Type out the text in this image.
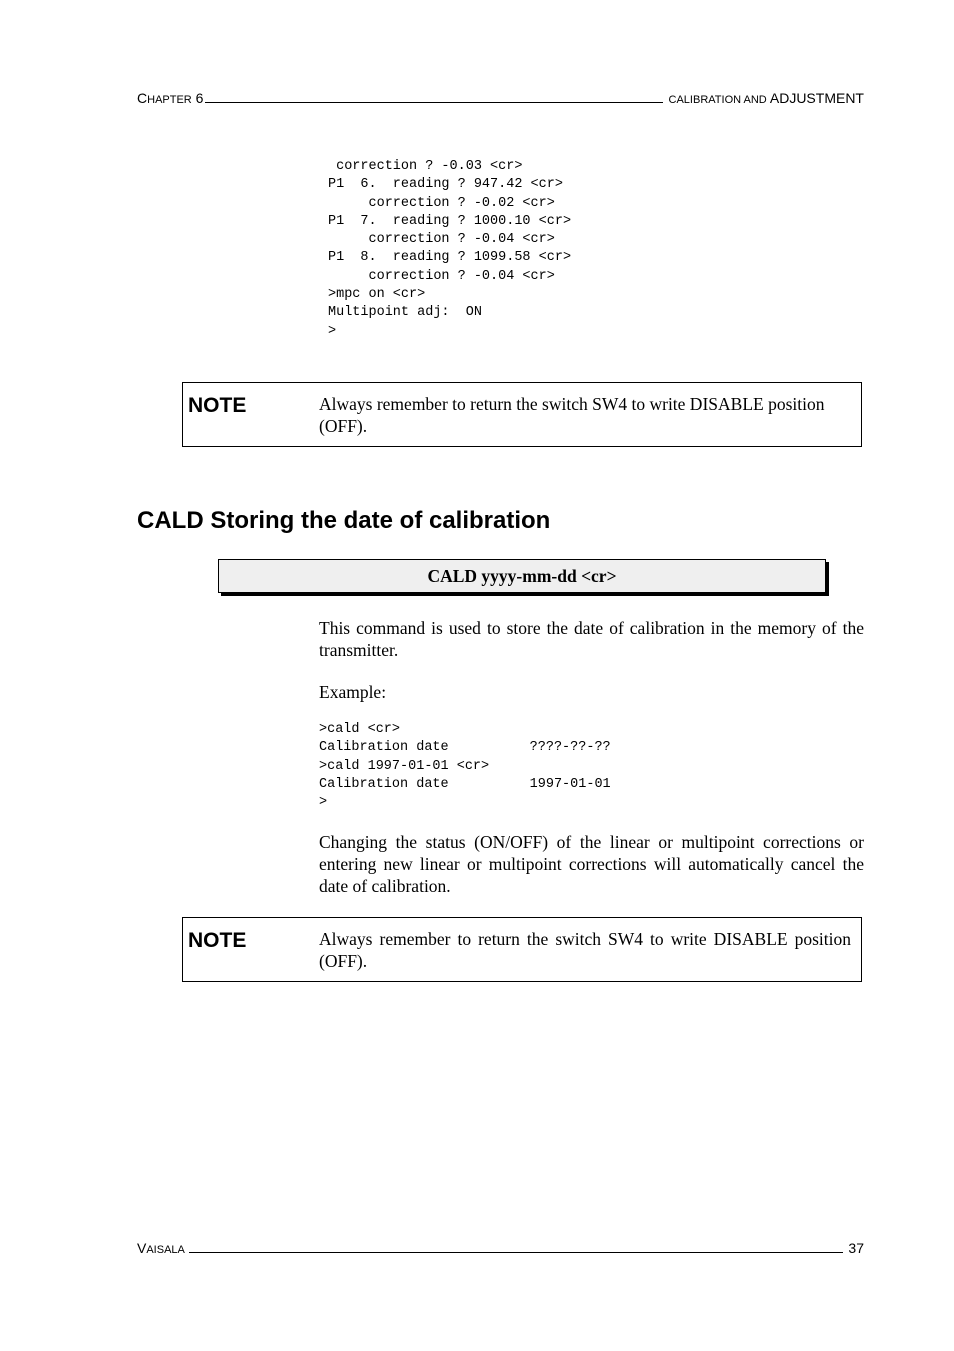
CHAPTER 6	CALIBRATION AND ADJUSTMENT
correction ? -0.03 <cr>
P1  6.  reading ? 947.42 <cr>
correction ? -0.02 <cr>
P1  7.  reading ? 1000.10 <cr>
correction ? -0.04 <cr>
P1  8.  reading ? 1099.58 <cr>
correction ? -0.04 <cr>
>mpc on <cr>
Multipoint adj:  ON
>
NOTE	Always remember to return the switch SW4 to write DISABLE position (OFF).
CALD Storing the date of calibration
CALD yyyy-mm-dd <cr>

This command is used to store the date of calibration in the memory of the transmitter.

Example:

>cald <cr>
Calibration date          ????-??-??
>cald 1997-01-01 <cr>
Calibration date          1997-01-01
>

Changing the status (ON/OFF) of the linear or multipoint corrections or entering new linear or multipoint corrections will automatically cancel the date of calibration.

NOTE	Always remember to return the switch SW4 to write DISABLE position (OFF).
VAISALA	37
